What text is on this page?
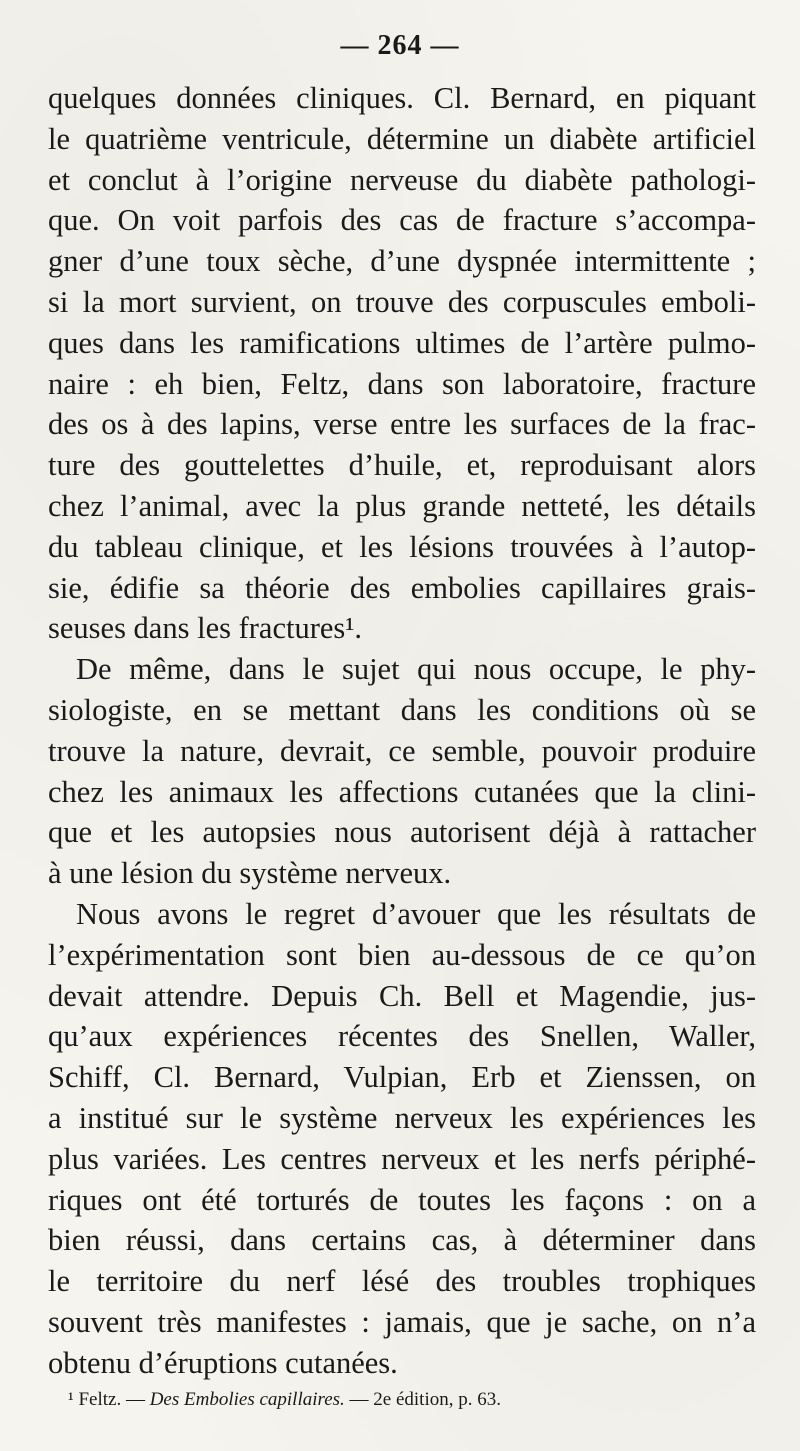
— 264 —
quelques données cliniques. Cl. Bernard, en piquant
le quatrième ventricule, détermine un diabète artificiel
et conclut à l’origine nerveuse du diabète pathologi-
que. On voit parfois des cas de fracture s’accompa-
gner d’une toux sèche, d’une dyspnée intermittente ;
si la mort survient, on trouve des corpuscules emboli-
ques dans les ramifications ultimes de l’artère pulmo-
naire : eh bien, Feltz, dans son laboratoire, fracture
des os à des lapins, verse entre les surfaces de la frac-
ture des gouttelettes d’huile, et, reproduisant alors
chez l’animal, avec la plus grande netteté, les détails
du tableau clinique, et les lésions trouvées à l’autop-
sie, édifie sa théorie des embolies capillaires grais-
seuses dans les fractures¹.
De même, dans le sujet qui nous occupe, le phy-
siologiste, en se mettant dans les conditions où se
trouve la nature, devrait, ce semble, pouvoir produire
chez les animaux les affections cutanées que la clini-
que et les autopsies nous autorisent déjà à rattacher
à une lésion du système nerveux.
Nous avons le regret d’avouer que les résultats de
l’expérimentation sont bien au-dessous de ce qu’on
devait attendre. Depuis Ch. Bell et Magendie, jus-
qu’aux expériences récentes des Snellen, Waller,
Schiff, Cl. Bernard, Vulpian, Erb et Zienssen, on
a institué sur le système nerveux les expériences les
plus variées. Les centres nerveux et les nerfs périphé-
riques ont été torturés de toutes les façons : on a
bien réussi, dans certains cas, à déterminer dans
le territoire du nerf lésé des troubles trophiques
souvent très manifestes : jamais, que je sache, on n’a
obtenu d’éruptions cutanées.
¹ Feltz. — Des Embolies capillaires. — 2e édition, p. 63.
